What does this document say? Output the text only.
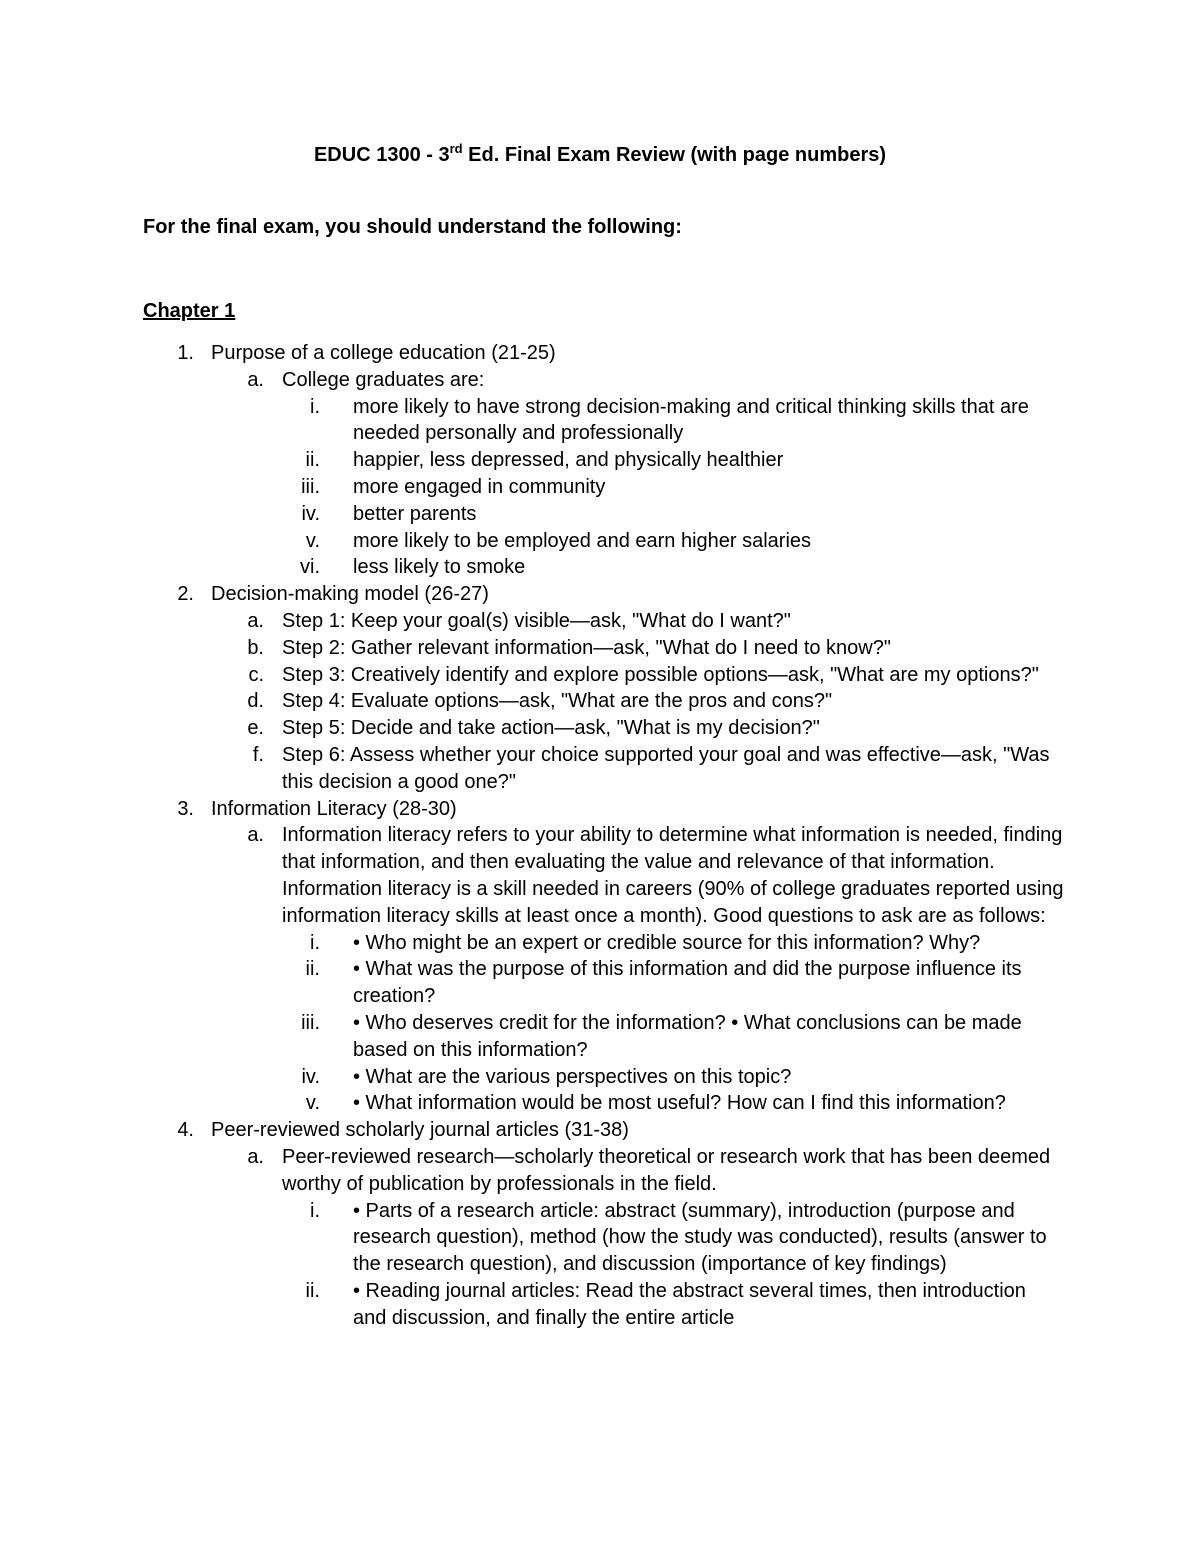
EDUC 1300 - 3rd Ed. Final Exam Review (with page numbers)
For the final exam, you should understand the following:
Chapter 1
1. Purpose of a college education (21-25)
a. College graduates are:
i. more likely to have strong decision-making and critical thinking skills that are needed personally and professionally
ii. happier, less depressed, and physically healthier
iii. more engaged in community
iv. better parents
v. more likely to be employed and earn higher salaries
vi. less likely to smoke
2. Decision-making model (26-27)
a. Step 1: Keep your goal(s) visible—ask, "What do I want?"
b. Step 2: Gather relevant information—ask, "What do I need to know?"
c. Step 3: Creatively identify and explore possible options—ask, "What are my options?"
d. Step 4: Evaluate options—ask, "What are the pros and cons?"
e. Step 5: Decide and take action—ask, "What is my decision?"
f. Step 6: Assess whether your choice supported your goal and was effective—ask, "Was this decision a good one?"
3. Information Literacy (28-30)
a. Information literacy refers to your ability to determine what information is needed, finding that information, and then evaluating the value and relevance of that information. Information literacy is a skill needed in careers (90% of college graduates reported using information literacy skills at least once a month). Good questions to ask are as follows:
i. • Who might be an expert or credible source for this information? Why?
ii. • What was the purpose of this information and did the purpose influence its creation?
iii. • Who deserves credit for the information? • What conclusions can be made based on this information?
iv. • What are the various perspectives on this topic?
v. • What information would be most useful? How can I find this information?
4. Peer-reviewed scholarly journal articles (31-38)
a. Peer-reviewed research—scholarly theoretical or research work that has been deemed worthy of publication by professionals in the field.
i. • Parts of a research article: abstract (summary), introduction (purpose and research question), method (how the study was conducted), results (answer to the research question), and discussion (importance of key findings)
ii. • Reading journal articles: Read the abstract several times, then introduction and discussion, and finally the entire article
